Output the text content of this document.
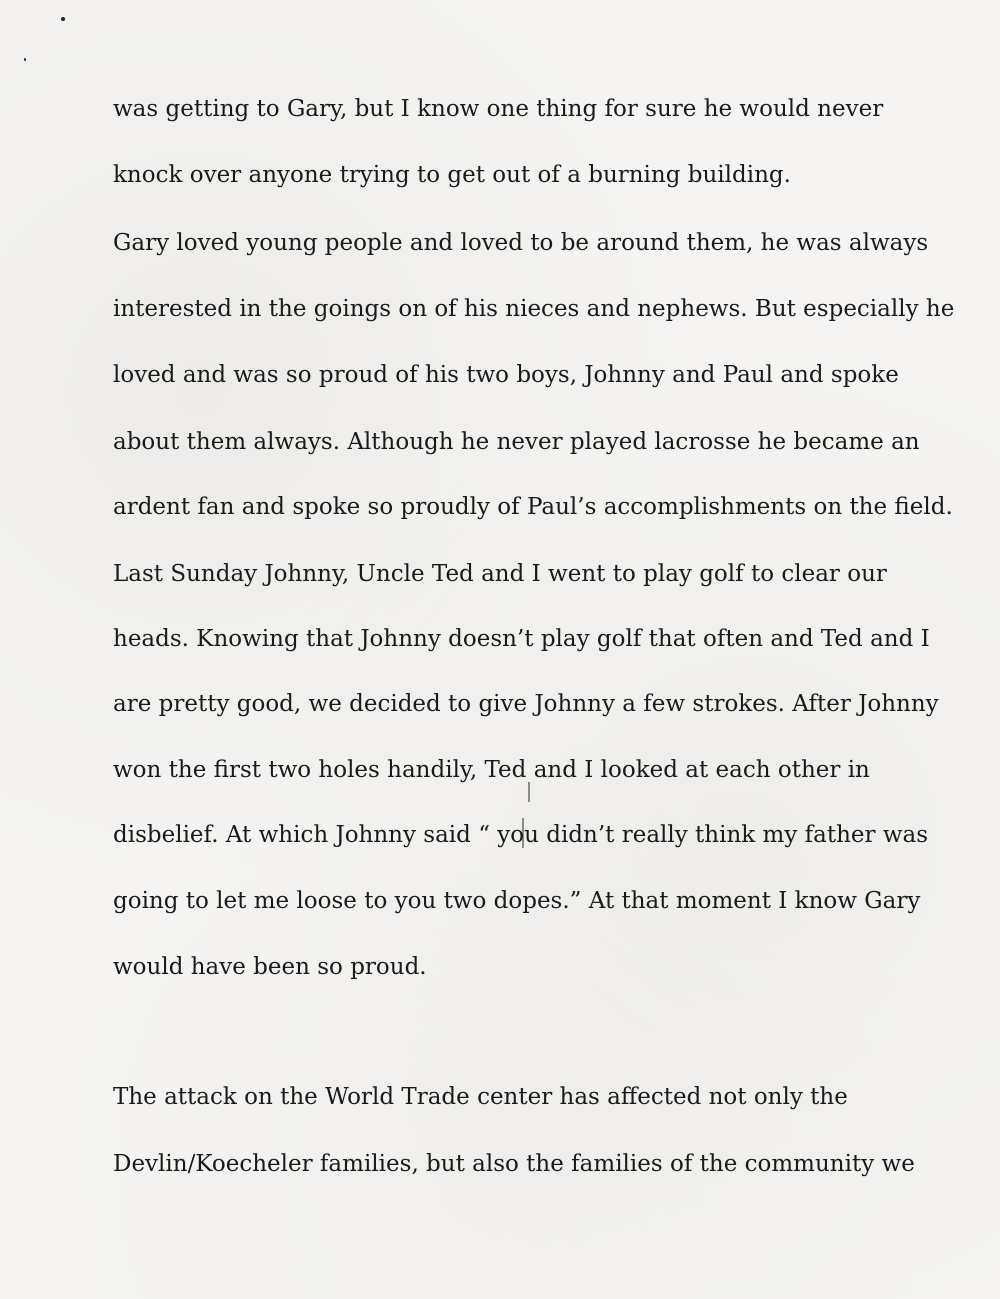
was getting to Gary, but I know one thing for sure he would never

knock over anyone trying to get out of a burning building.

Gary loved young people and loved to be around them, he was always

interested in the goings on of his nieces and nephews. But especially he

loved and was so proud of his two boys, Johnny and Paul and spoke

about them always. Although he never played lacrosse he became an

ardent fan and spoke so proudly of Paul’s accomplishments on the field.

Last Sunday Johnny, Uncle Ted and I went to play golf to clear our

heads. Knowing that Johnny doesn’t play golf that often and Ted and I

are pretty good, we decided to give Johnny a few strokes. After Johnny

won the first two holes handily, Ted and I looked at each other in

disbelief. At which Johnny said “ you didn’t really think my father was

going to let me loose to you two dopes.” At that moment I know Gary

would have been so proud.

The attack on the World Trade center has affected not only the

Devlin/Koecheler families, but also the families of the community we
